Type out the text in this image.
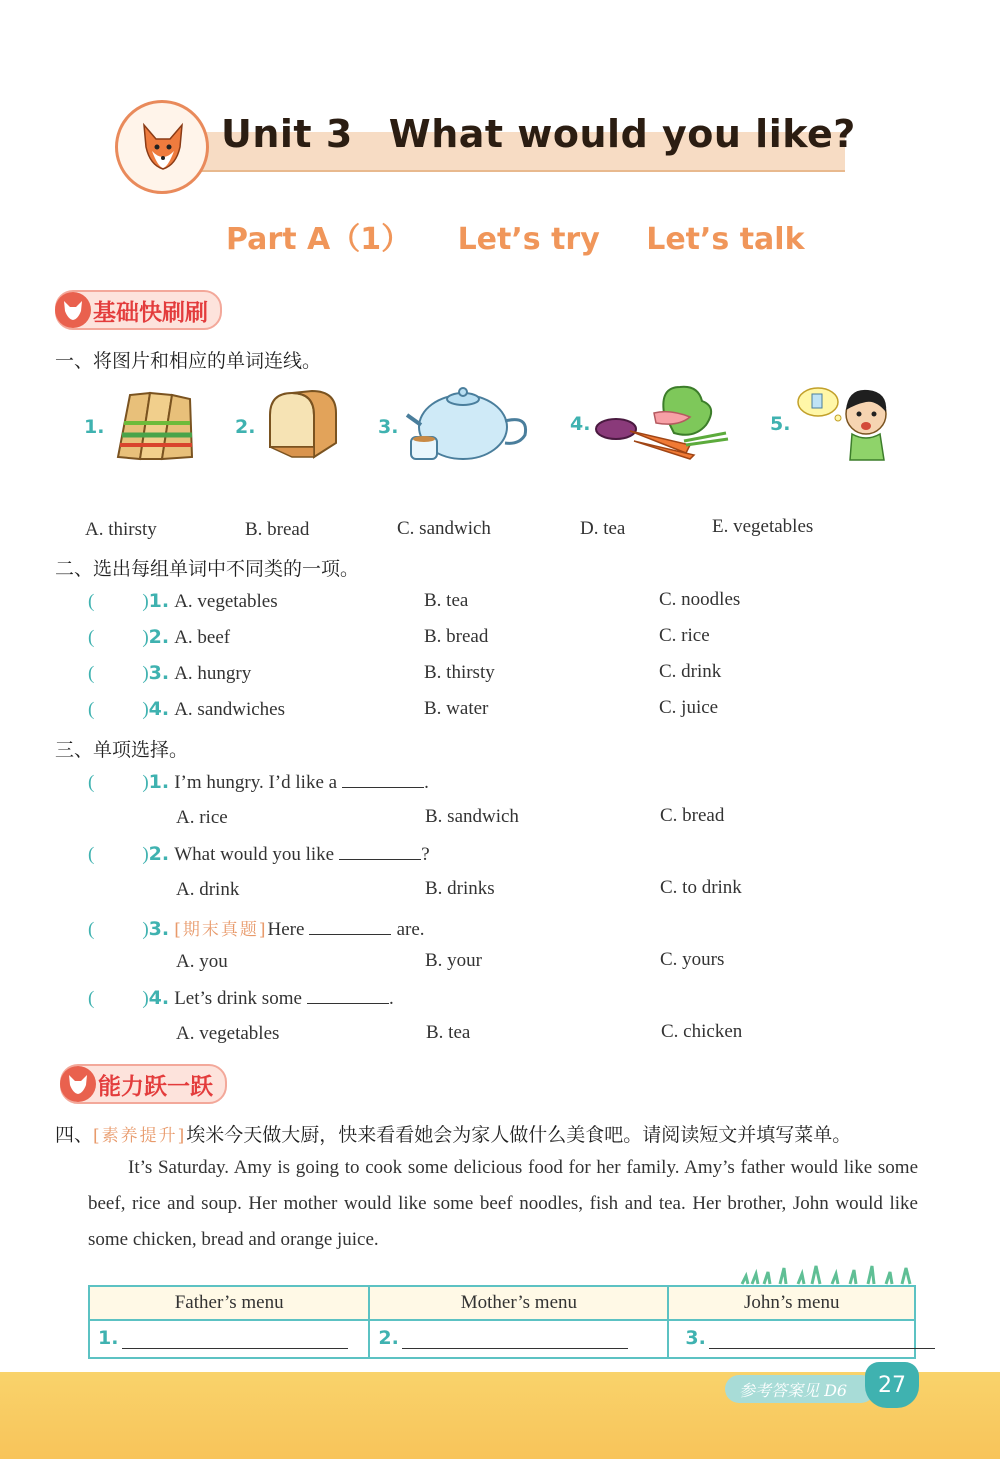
Unit 3 What would you like?
Part A（1） Let’s try Let’s talk
基础快刷刷
一、将图片和相应的单词连线。
1.	2.	3.	4.	5.
A. thirsty	B. bread	C. sandwich	D. tea	E. vegetables
二、选出每组单词中不同类的一项。
(	)1. A. vegetables	B. tea	C. noodles
(	)2. A. beef	B. bread	C. rice
(	)3. A. hungry	B. thirsty	C. drink
(	)4. A. sandwiches	B. water	C. juice
三、单项选择。
(	)1. I’m hungry. I’d like a	.
A. rice	B. sandwich	C. bread
(	)2. What would you like	?
A. drink	B. drinks	C. to drink
(	)3. [期末真题]Here	are.
A. you	B. your	C. yours
(	)4. Let’s drink some	.
A. vegetables	B. tea	C. chicken
能力跃一跃
四、[素养提升]埃米今天做大厨，快来看看她会为家人做什么美食吧。请阅读短文并填写菜单。
It’s Saturday. Amy is going to cook some delicious food for her family. Amy’s father would like some beef, rice and soup. Her mother would like some beef noodles, fish and tea. Her brother, John would like some chicken, bread and orange juice.
Father’s menu	Mother’s menu	John’s menu

1.	2.	3.
参考答案见 D6	27
